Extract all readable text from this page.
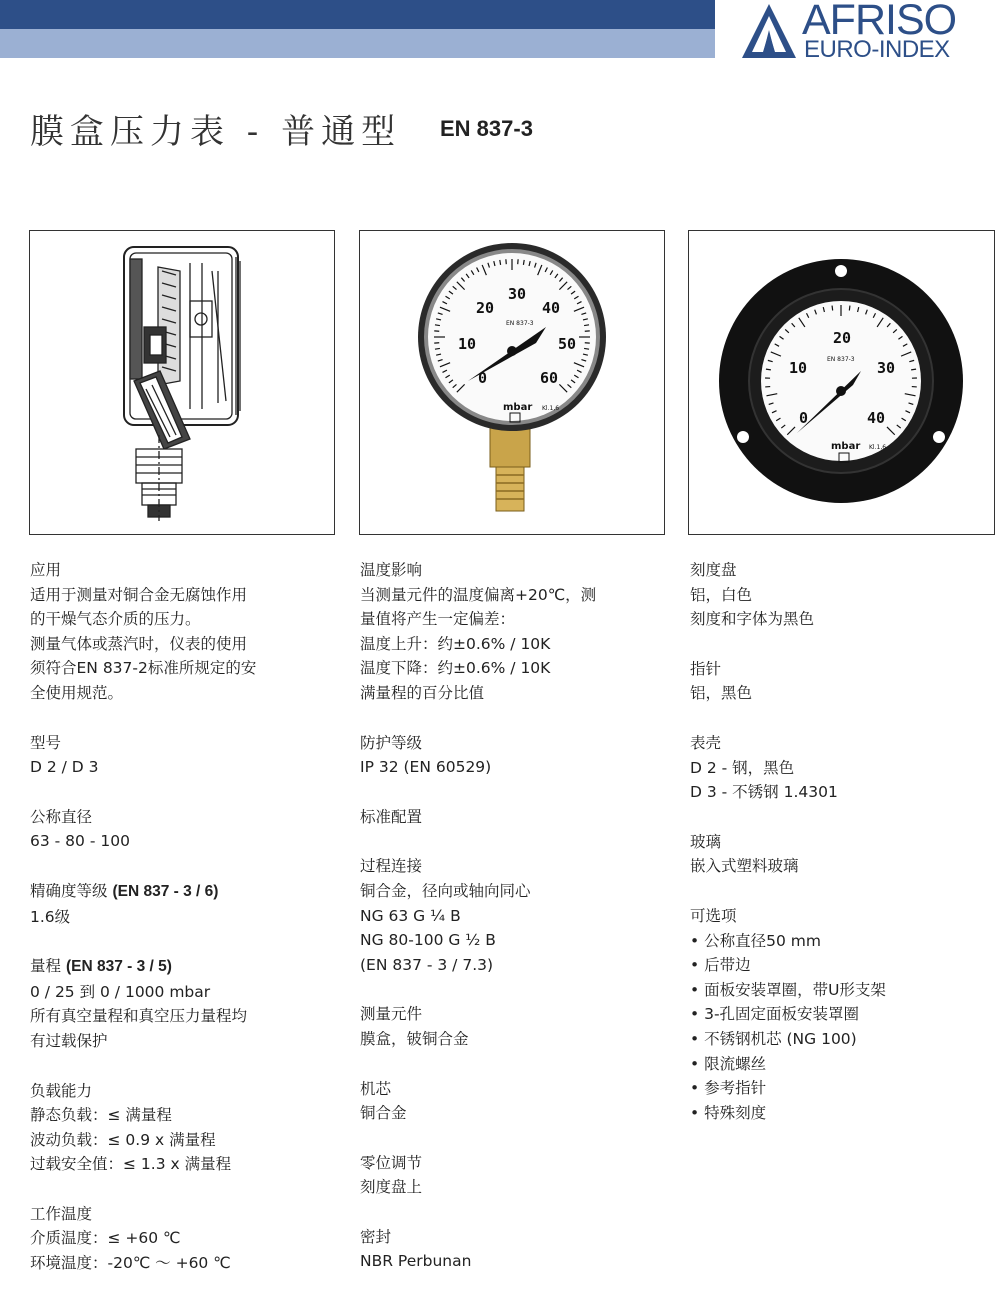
AFRISO
EURO-INDEX
膜盒压力表 - 普通型 EN 837-3
0
10
20
30
40
50
60
EN 837-3
mbar Kl.1,6
0
10
20
30
40
EN 837-3
mbar Kl.1,6
应用
适用于测量对铜合金无腐蚀作用
的干燥气态介质的压力。
测量气体或蒸汽时，仪表的使用
须符合EN 837-2标准所规定的安
全使用规范。
型号
D 2 / D 3
公称直径
63 - 80 - 100
精确度等级 (EN 837 - 3 / 6)
1.6级
量程 (EN 837 - 3 / 5)
0 / 25 到 0 / 1000 mbar
所有真空量程和真空压力量程均
有过载保护
负载能力
静态负载：≤ 满量程
波动负载：≤ 0.9 x 满量程
过载安全值：≤ 1.3 x 满量程
工作温度
介质温度：≤ +60 ℃
环境温度：-20℃ ～ +60 ℃
温度影响
当测量元件的温度偏离+20℃，测
量值将产生一定偏差：
温度上升：约±0.6% / 10K
温度下降：约±0.6% / 10K
满量程的百分比值
防护等级
IP 32 (EN 60529)
标准配置
过程连接
铜合金，径向或轴向同心
NG 63 G ¼ B
NG 80-100 G ½ B
(EN 837 - 3 / 7.3)
测量元件
膜盒，铍铜合金
机芯
铜合金
零位调节
刻度盘上
密封
NBR Perbunan
刻度盘
铝，白色
刻度和字体为黑色
指针
铝，黑色
表壳
D 2 - 钢，黑色
D 3 - 不锈钢 1.4301
玻璃
嵌入式塑料玻璃
可选项
• 公称直径50 mm
• 后带边
• 面板安装罩圈，带U形支架
• 3-孔固定面板安装罩圈
• 不锈钢机芯 (NG 100)
• 限流螺丝
• 参考指针
• 特殊刻度
